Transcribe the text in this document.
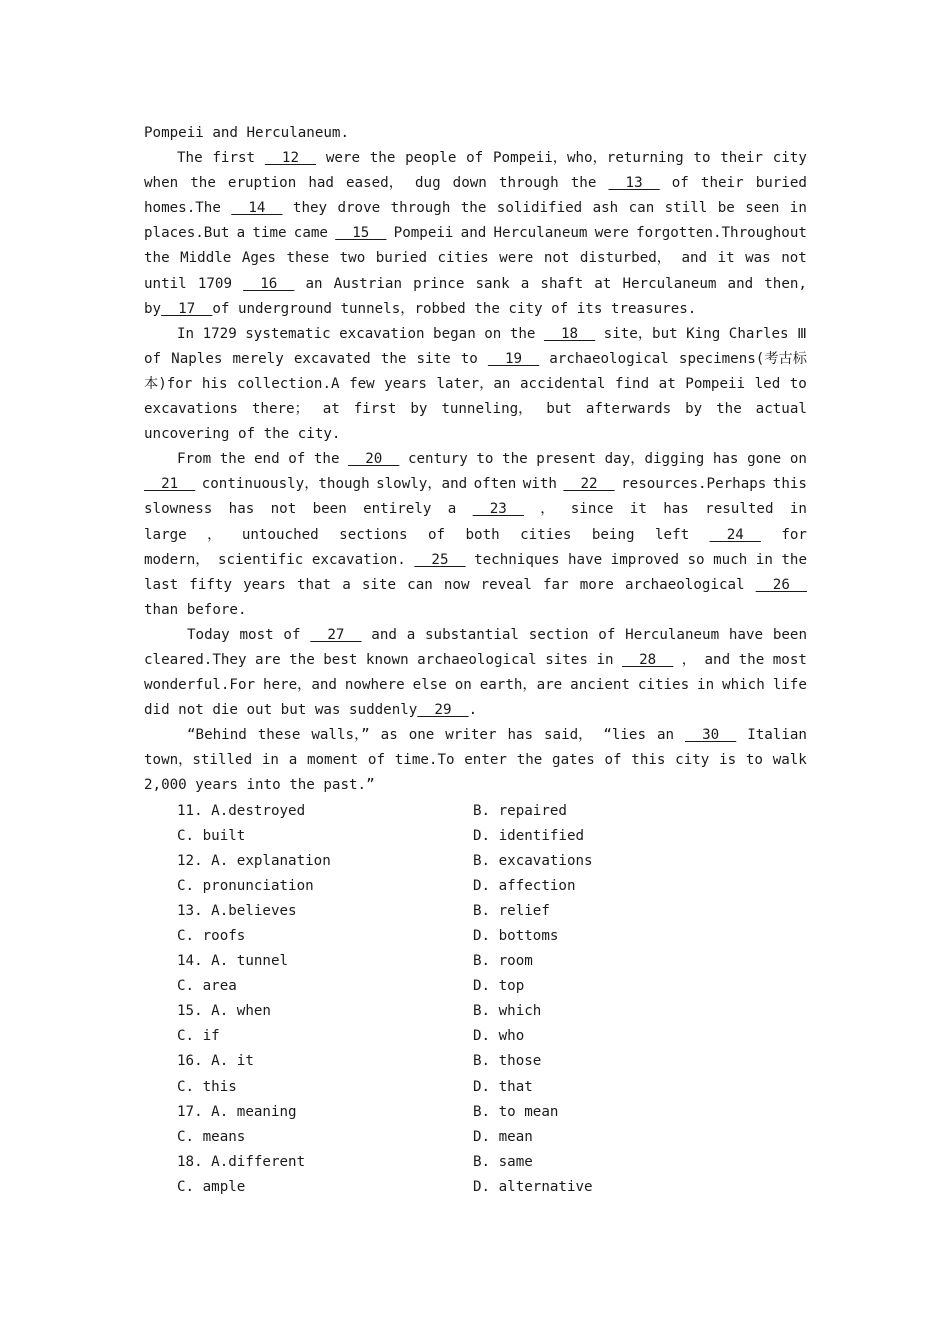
Pompeii and Herculaneum.
The first 12 were the people of Pompeii，who，returning to their city
when the eruption had eased， dug down through the 13 of their buried
homes.The 14 they drove through the solidified ash can still be seen in
places.But a time came 15 Pompeii and Herculaneum were forgotten.Throughout
the Middle Ages these two buried cities were not disturbed， and it was not
until 1709 16 an Austrian prince sank a shaft at Herculaneum and then,
by  17  of underground tunnels，robbed the city of its treasures.
In 1729 systematic excavation began on the 18 site，but King Charles Ⅲ
of Naples merely excavated the site to 19 archaeological specimens(考古标
本)for his collection.A few years later，an accidental find at Pompeii led to
excavations there； at first by tunneling， but afterwards by the actual
uncovering of the city.
From the end of the 20 century to the present day，digging has gone on
21 continuously，though slowly，and often with 22 resources.Perhaps this
slowness has not been entirely a 23 ， since it has resulted in
large ， untouched sections of both cities being left 24 for
modern， scientific excavation. 25 techniques have improved so much in the
last fifty years that a site can now reveal far more archaeological 26
than before.
Today most of 27 and a substantial section of Herculaneum have been
cleared.They are the best known archaeological sites in 28 ， and the most
wonderful.For here，and nowhere else on earth，are ancient cities in which life
did not die out but was suddenly  29  .
“Behind these walls，” as one writer has said， “lies an 30 Italian
town，stilled in a moment of time.To enter the gates of this city is to walk
2,000 years into the past.”
11. A.destroyed	B. repaired
C. built	D. identified
12. A. explanation	B. excavations
C. pronunciation	D. affection
13. A.believes	B. relief
C. roofs	D. bottoms
14. A. tunnel	B. room
C. area	D. top
15. A. when	B. which
C. if	D. who
16. A. it	B. those
C. this	D. that
17. A. meaning	B. to mean
C. means	D. mean
18. A.different	B. same
C. ample	D. alternative
